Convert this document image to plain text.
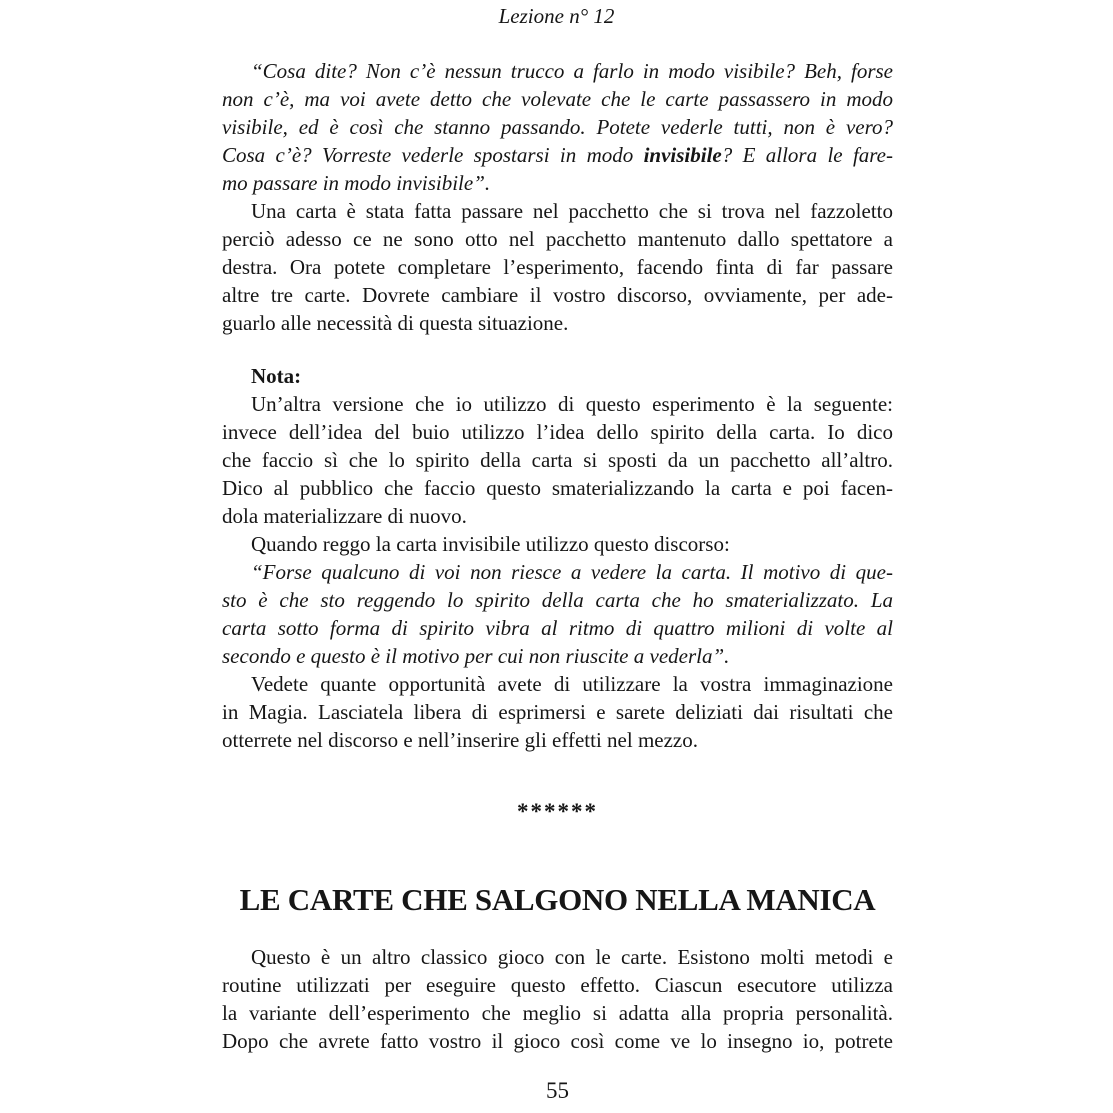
Lezione n° 12
“Cosa dite? Non c’è nessun trucco a farlo in modo visibile? Beh, forse
non c’è, ma voi avete detto che volevate che le carte passassero in modo
visibile, ed è così che stanno passando. Potete vederle tutti, non è vero?
Cosa c’è? Vorreste vederle spostarsi in modo invisibile? E allora le fare-
mo passare in modo invisibile”.
Una carta è stata fatta passare nel pacchetto che si trova nel fazzoletto
perciò adesso ce ne sono otto nel pacchetto mantenuto dallo spettatore a
destra. Ora potete completare l’esperimento, facendo finta di far passare
altre tre carte. Dovrete cambiare il vostro discorso, ovviamente, per ade-
guarlo alle necessità di questa situazione.
Nota:
Un’altra versione che io utilizzo di questo esperimento è la seguente:
invece dell’idea del buio utilizzo l’idea dello spirito della carta. Io dico
che faccio sì che lo spirito della carta si sposti da un pacchetto all’altro.
Dico al pubblico che faccio questo smaterializzando la carta e poi facen-
dola materializzare di nuovo.
Quando reggo la carta invisibile utilizzo questo discorso:
“Forse qualcuno di voi non riesce a vedere la carta. Il motivo di que-
sto è che sto reggendo lo spirito della carta che ho smaterializzato. La
carta sotto forma di spirito vibra al ritmo di quattro milioni di volte al
secondo e questo è il motivo per cui non riuscite a vederla”.
Vedete quante opportunità avete di utilizzare la vostra immaginazione
in Magia. Lasciatela libera di esprimersi e sarete deliziati dai risultati che
otterrete nel discorso e nell’inserire gli effetti nel mezzo.
******
LE CARTE CHE SALGONO NELLA MANICA
Questo è un altro classico gioco con le carte. Esistono molti metodi e
routine utilizzati per eseguire questo effetto. Ciascun esecutore utilizza
la variante dell’esperimento che meglio si adatta alla propria personalità.
Dopo che avrete fatto vostro il gioco così come ve lo insegno io, potrete
55
